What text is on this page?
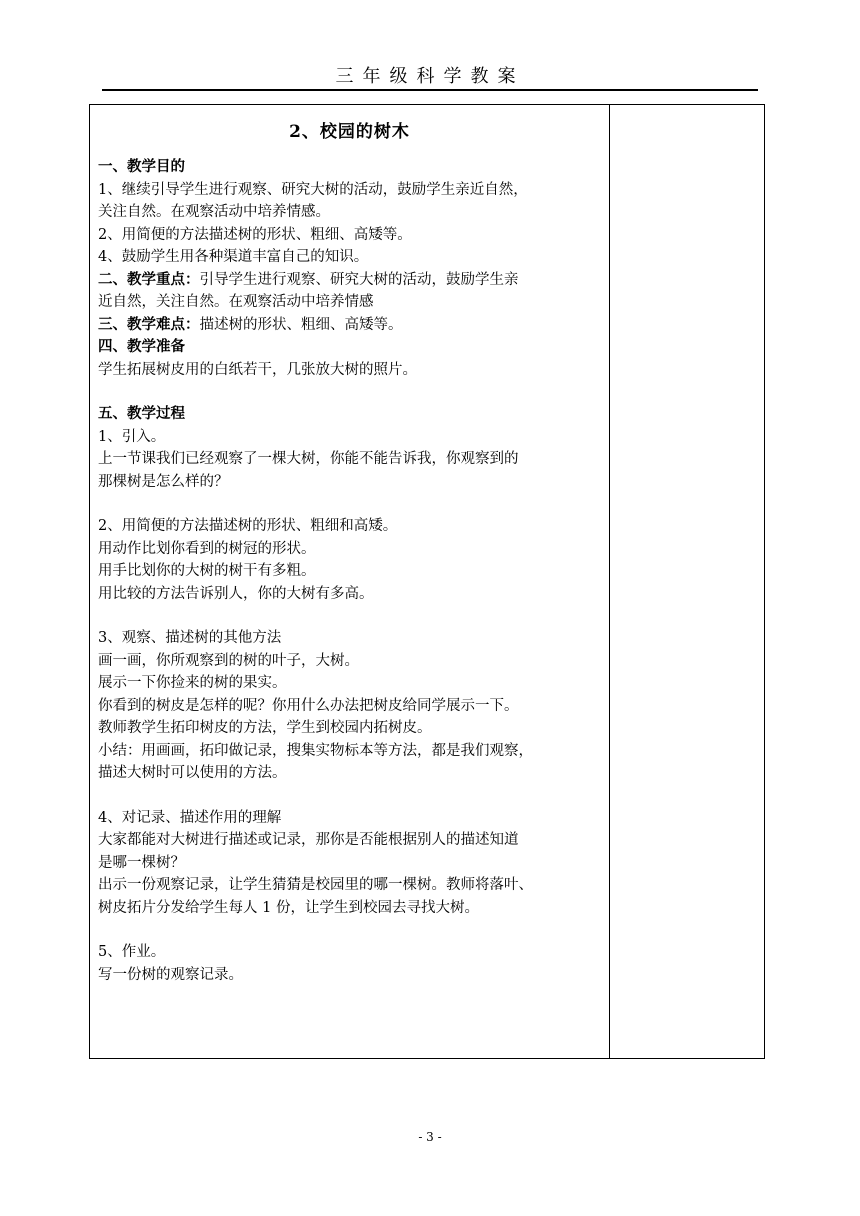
三年级科学教案
2、校园的树木
一、教学目的
1、继续引导学生进行观察、研究大树的活动，鼓励学生亲近自然，
关注自然。在观察活动中培养情感。
2、用简便的方法描述树的形状、粗细、高矮等。
4、鼓励学生用各种渠道丰富自己的知识。
二、教学重点：引导学生进行观察、研究大树的活动，鼓励学生亲
近自然，关注自然。在观察活动中培养情感
三、教学难点：描述树的形状、粗细、高矮等。
四、教学准备
学生拓展树皮用的白纸若干，几张放大树的照片。
五、教学过程
1、引入。
上一节课我们已经观察了一棵大树，你能不能告诉我，你观察到的
那棵树是怎么样的？
2、用简便的方法描述树的形状、粗细和高矮。
用动作比划你看到的树冠的形状。
用手比划你的大树的树干有多粗。
用比较的方法告诉别人，你的大树有多高。
3、观察、描述树的其他方法
画一画，你所观察到的树的叶子，大树。
展示一下你捡来的树的果实。
你看到的树皮是怎样的呢？你用什么办法把树皮给同学展示一下。
教师教学生拓印树皮的方法，学生到校园内拓树皮。
小结：用画画，拓印做记录，搜集实物标本等方法，都是我们观察，
描述大树时可以使用的方法。
4、对记录、描述作用的理解
大家都能对大树进行描述或记录，那你是否能根据别人的描述知道
是哪一棵树？
出示一份观察记录，让学生猜猜是校园里的哪一棵树。教师将落叶、
树皮拓片分发给学生每人 1 份，让学生到校园去寻找大树。
5、作业。
写一份树的观察记录。
- 3 -
